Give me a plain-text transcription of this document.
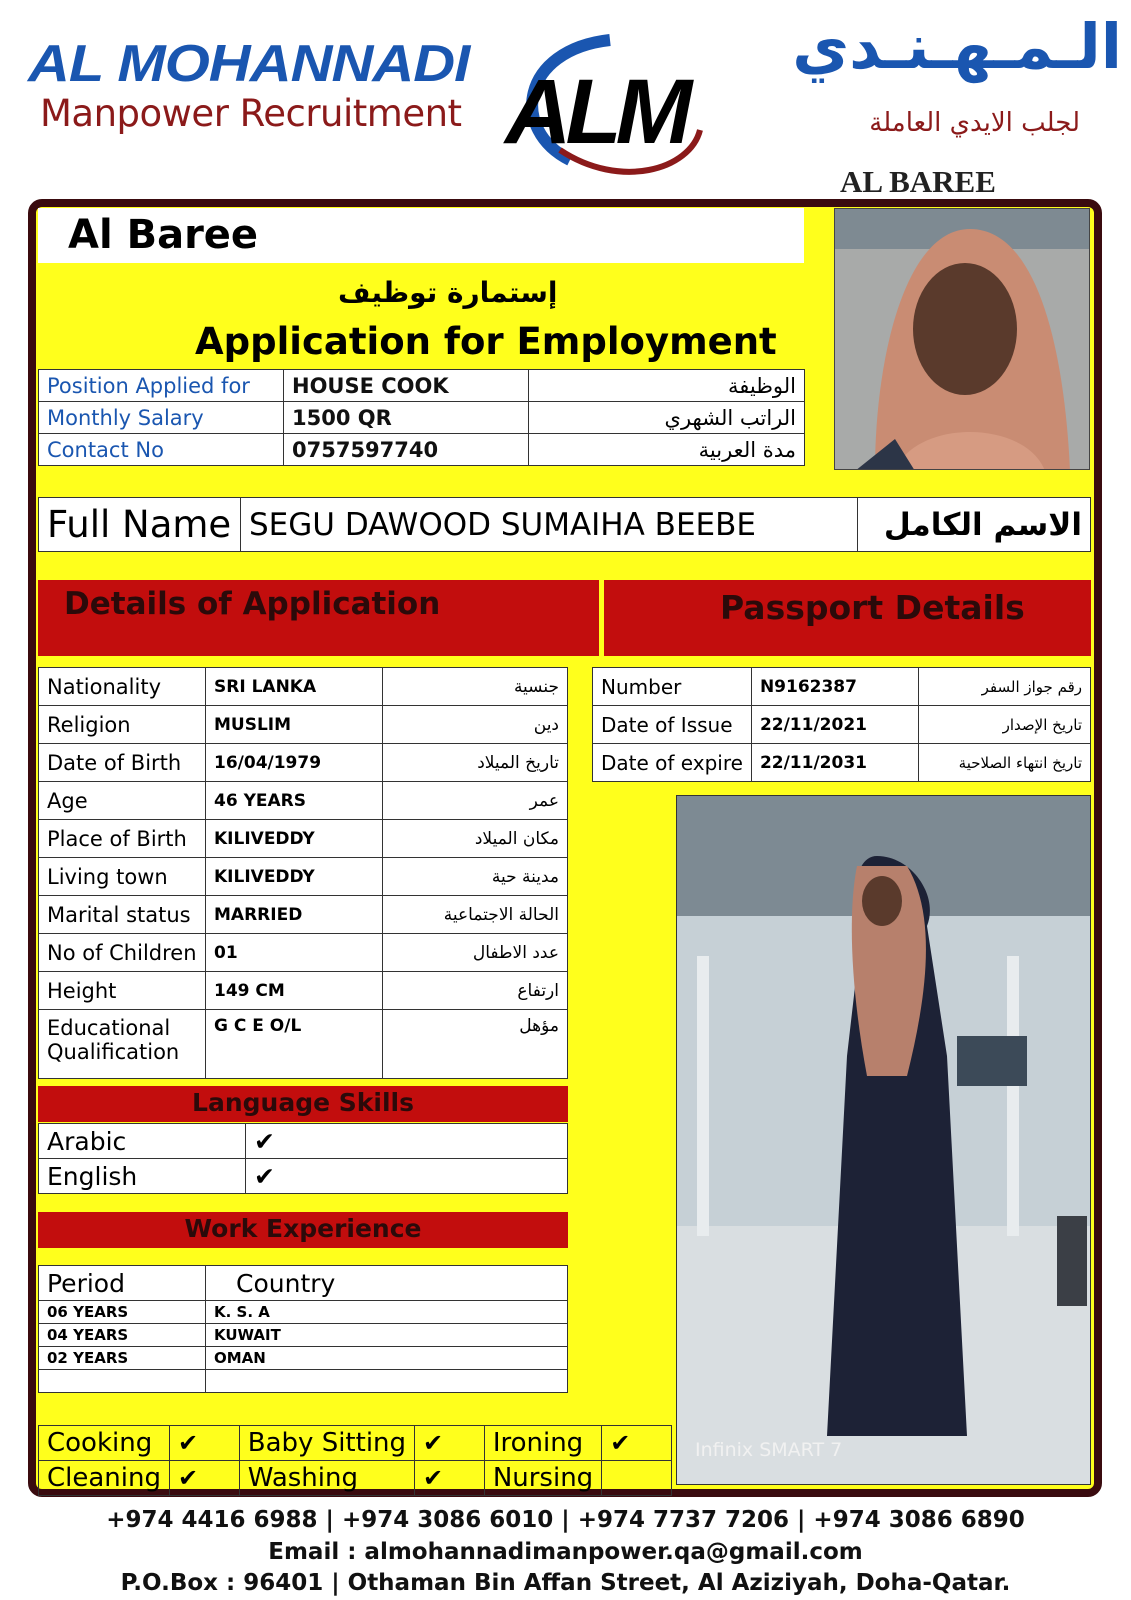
AL MOHANNADI
Manpower Recruitment ALM
الـمـهـنـدي
لجلب الايدي العاملة
AL BAREE
Al Baree
إستمارة توظيف
Application for Employment
Position Applied for	HOUSE COOK	الوظيفة
Monthly Salary	1500 QR	الراتب الشهري
Contact No	0757597740	مدة العربية
Full Name	SEGU DAWOOD SUMAIHA BEEBE	الاسم الكامل
Details of Application	Passport Details
Nationality	SRI LANKA	جنسية
Religion	MUSLIM	دين
Date of Birth	16/04/1979	تاريخ الميلاد
Age	46 YEARS	عمر
Place of Birth	KILIVEDDY	مكان الميلاد
Living town	KILIVEDDY	مدينة حية
Marital status	MARRIED	الحالة الاجتماعية
No of Children	01	عدد الاطفال
Height	149 CM	ارتفاع
Educational Qualification	G C E O/L	مؤهل
Number	N9162387	رقم جواز السفر
Date of Issue	22/11/2021	تاريخ الإصدار
Date of expire	22/11/2031	تاريخ انتهاء الصلاحية
Language Skills
Arabic	✔
English	✔
Work Experience
Period	Country
06 YEARS	K. S. A
04 YEARS	KUWAIT
02 YEARS	OMAN

Cooking	✔	Baby Sitting	✔	Ironing	✔
Cleaning	✔	Washing	✔	Nursing	
Infinix SMART 7
+974 4416 6988 | +974 3086 6010 | +974 7737 7206 | +974 3086 6890
Email : almohannadimanpower.qa@gmail.com
P.O.Box : 96401 | Othaman Bin Affan Street, Al Aziziyah, Doha-Qatar.
